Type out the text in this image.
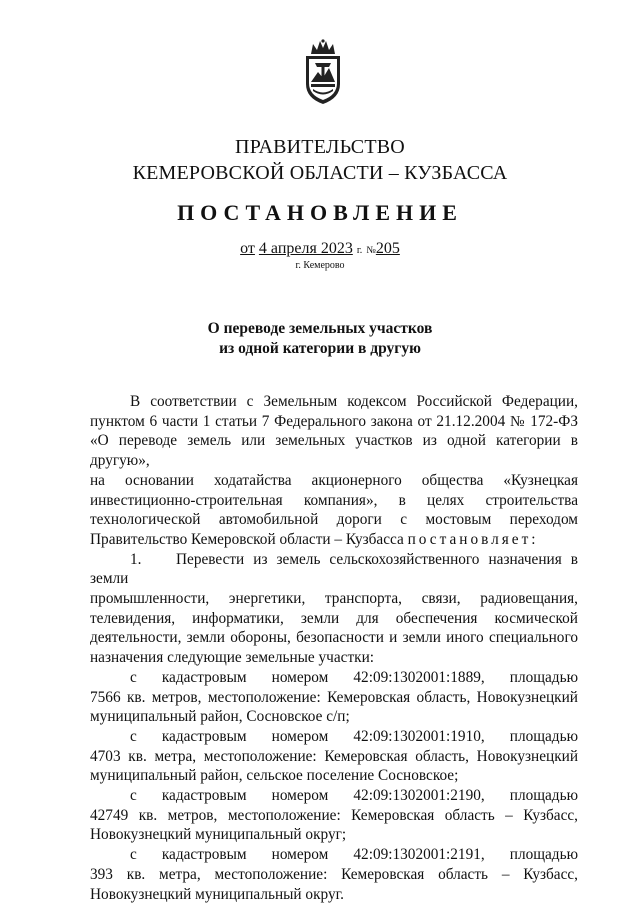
ПРАВИТЕЛЬСТВО
КЕМЕРОВСКОЙ ОБЛАСТИ – КУЗБАССА
ПОСТАНОВЛЕНИЕ
от 4 апреля 2023 г. №205
г. Кемерово
О переводе земельных участков
из одной категории в другую

В соответствии с Земельным кодексом Российской Федерации,

пунктом 6 части 1 статьи 7 Федерального закона от 21.12.2004 № 172-ФЗ

«О переводе земель или земельных участков из одной категории в другую»,

на основании ходатайства акционерного общества «Кузнецкая

инвестиционно-строительная компания», в целях строительства

технологической автомобильной дороги с мостовым переходом

Правительство Кемеровской области – Кузбасса постановляет:

1. Перевести из земель сельскохозяйственного назначения в земли

промышленности, энергетики, транспорта, связи, радиовещания,

телевидения, информатики, земли для обеспечения космической

деятельности, земли обороны, безопасности и земли иного специального

назначения следующие земельные участки:

с кадастровым номером 42:09:1302001:1889, площадью

7566 кв. метров, местоположение: Кемеровская область, Новокузнецкий

муниципальный район, Сосновское с/п;

с кадастровым номером 42:09:1302001:1910, площадью

4703 кв. метра, местоположение: Кемеровская область, Новокузнецкий

муниципальный район, сельское поселение Сосновское;

с кадастровым номером 42:09:1302001:2190, площадью

42749 кв. метров, местоположение: Кемеровская область – Кузбасс,

Новокузнецкий муниципальный округ;

с кадастровым номером 42:09:1302001:2191, площадью

393 кв. метра, местоположение: Кемеровская область – Кузбасс,

Новокузнецкий муниципальный округ.
